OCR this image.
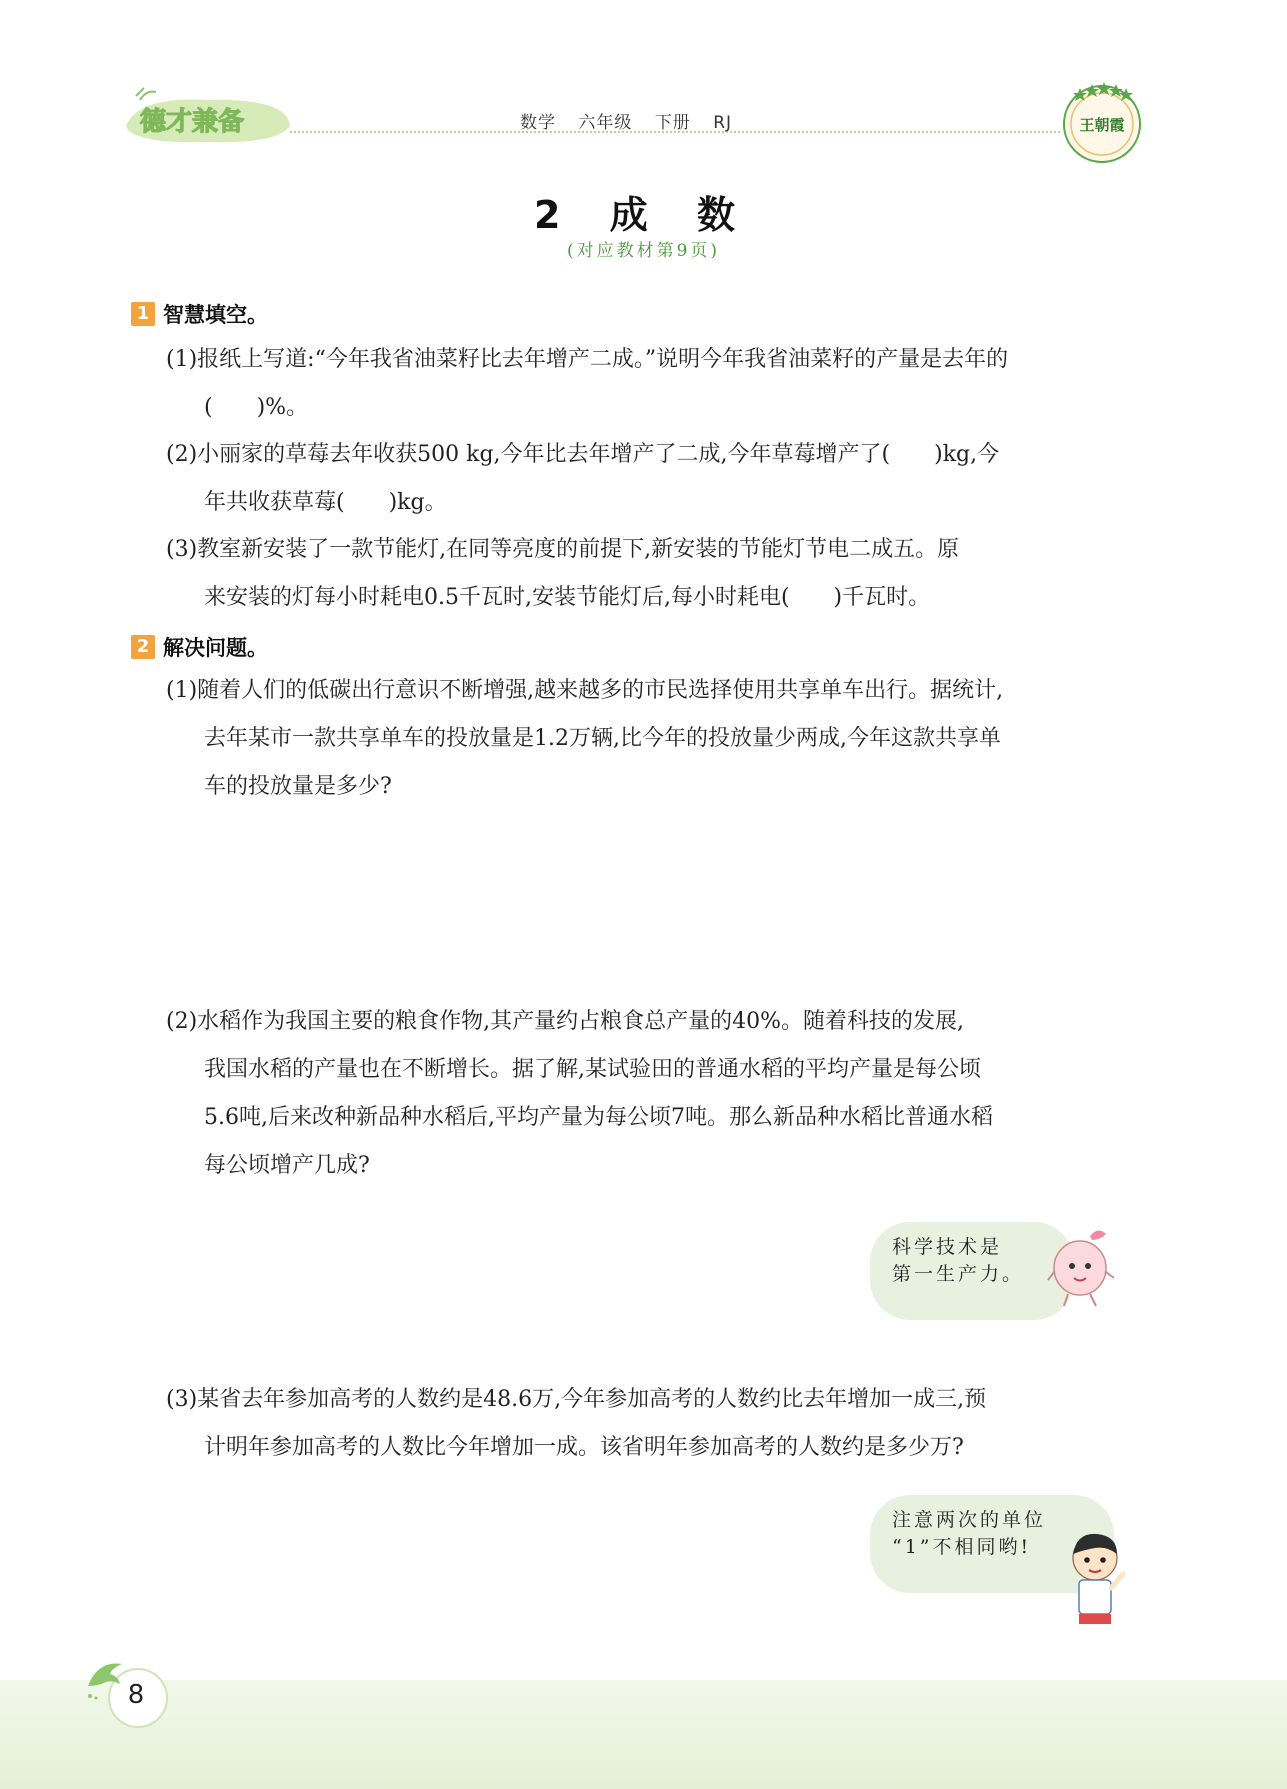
德才兼备	数学 六年级 下册 RJ	王朝霞
2 成 数
(对应教材第9页)
1 智慧填空。
(1)报纸上写道:“今年我省油菜籽比去年增产二成。”说明今年我省油菜籽的产量是去年的
(　　)%。
(2)小丽家的草莓去年收获500 kg,今年比去年增产了二成,今年草莓增产了(　　)kg,今
年共收获草莓(　　)kg。
(3)教室新安装了一款节能灯,在同等亮度的前提下,新安装的节能灯节电二成五。原
来安装的灯每小时耗电0.5千瓦时,安装节能灯后,每小时耗电(　　)千瓦时。
2 解决问题。
(1)随着人们的低碳出行意识不断增强,越来越多的市民选择使用共享单车出行。据统计,
去年某市一款共享单车的投放量是1.2万辆,比今年的投放量少两成,今年这款共享单
车的投放量是多少?
(2)水稻作为我国主要的粮食作物,其产量约占粮食总产量的40%。随着科技的发展,
我国水稻的产量也在不断增长。据了解,某试验田的普通水稻的平均产量是每公顷
5.6吨,后来改种新品种水稻后,平均产量为每公顷7吨。那么新品种水稻比普通水稻
每公顷增产几成?
科学技术是
第一生产力。
(3)某省去年参加高考的人数约是48.6万,今年参加高考的人数约比去年增加一成三,预
计明年参加高考的人数比今年增加一成。该省明年参加高考的人数约是多少万?
注意两次的单位
“1”不相同哟!
8
